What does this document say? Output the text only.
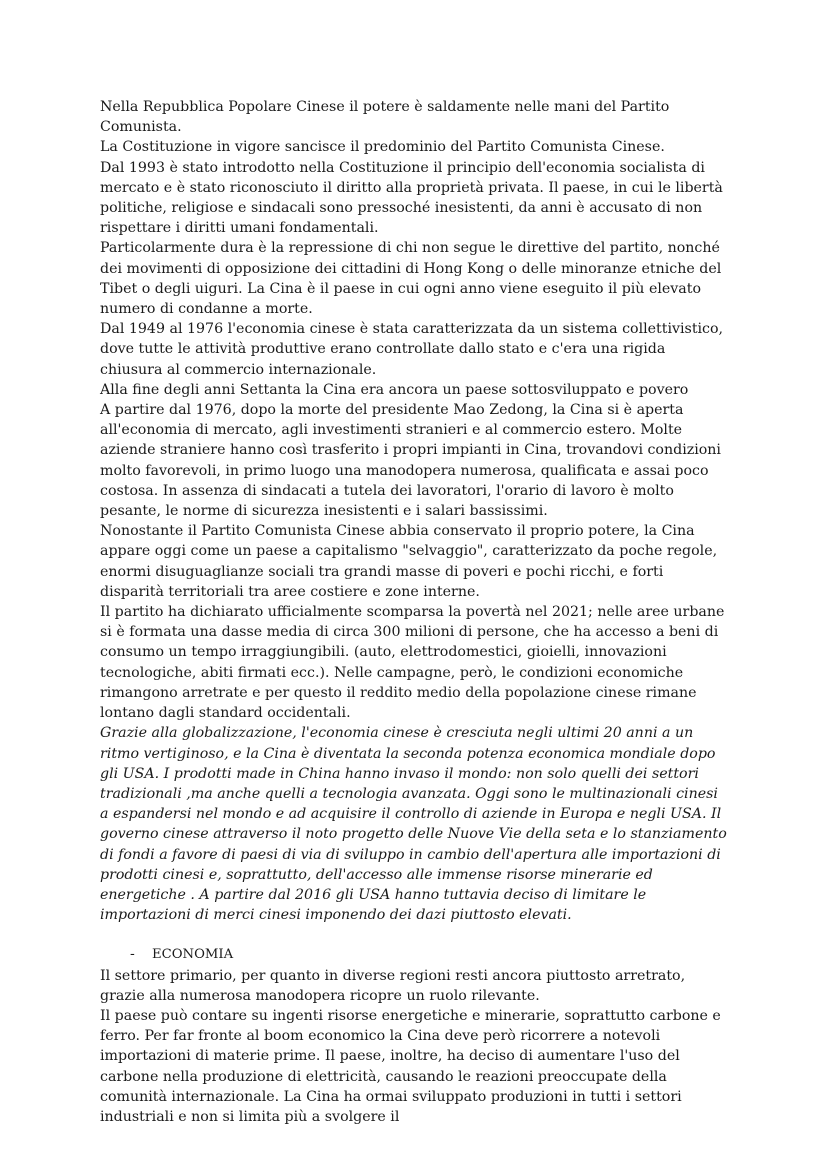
Nella Repubblica Popolare Cinese il potere è saldamente nelle mani del Partito Comunista.

La Costituzione in vigore sancisce il predominio del Partito Comunista Cinese.

Dal 1993 è stato introdotto nella Costituzione il principio dell'economia socialista di mercato e è stato riconosciuto il diritto alla proprietà privata. Il paese, in cui le libertà politiche, religiose e sindacali sono pressoché inesistenti, da anni è accusato di non rispettare i diritti umani fondamentali.

Particolarmente dura è la repressione di chi non segue le direttive del partito, nonché dei movimenti di opposizione dei cittadini di Hong Kong o delle minoranze etniche del Tibet o degli uiguri. La Cina è il paese in cui ogni anno viene eseguito il più elevato numero di condanne a morte.

Dal 1949 al 1976 l'economia cinese è stata caratterizzata da un sistema collettivistico, dove tutte le attività produttive erano controllate dallo stato e c'era una rigida chiusura al commercio internazionale.

Alla fine degli anni Settanta la Cina era ancora un paese sottosviluppato e povero

A partire dal 1976, dopo la morte del presidente Mao Zedong, la Cina si è aperta all'economia di mercato, agli investimenti stranieri e al commercio estero. Molte aziende straniere hanno così trasferito i propri impianti in Cina, trovandovi condizioni molto favorevoli, in primo luogo una manodopera numerosa, qualificata e assai poco costosa. In assenza di sindacati a tutela dei lavoratori, l'orario di lavoro è molto pesante, le norme di sicurezza inesistenti e i salari bassissimi.

Nonostante il Partito Comunista Cinese abbia conservato il proprio potere, la Cina appare oggi come un paese a capitalismo "selvaggio", caratterizzato da poche regole, enormi disuguaglianze sociali tra grandi masse di poveri e pochi ricchi, e forti disparità territoriali tra aree costiere e zone interne.

Il partito ha dichiarato ufficialmente scomparsa la povertà nel 2021; nelle aree urbane si è formata una dasse media di circa 300 milioni di persone, che ha accesso a beni di consumo un tempo irraggiungibili. (auto, elettrodomestici, gioielli, innovazioni tecnologiche, abiti firmati ecc.). Nelle campagne, però, le condizioni economiche rimangono arretrate e per questo il reddito medio della popolazione cinese rimane lontano dagli standard occidentali.

Grazie alla globalizzazione, l'economia cinese è cresciuta negli ultimi 20 anni a un ritmo vertiginoso, e la Cina è diventata la seconda potenza economica mondiale dopo gli USA. I prodotti made in China hanno invaso il mondo: non solo quelli dei settori tradizionali ,ma anche quelli a tecnologia avanzata. Oggi sono le multinazionali cinesi a espandersi nel mondo e ad acquisire il controllo di aziende in Europa e negli USA. Il governo cinese attraverso il noto progetto delle Nuove Vie della seta e lo stanziamento di fondi a favore di paesi di via di sviluppo in cambio dell'apertura alle importazioni di prodotti cinesi e, soprattutto, dell'accesso alle immense risorse minerarie ed energetiche . A partire dal 2016 gli USA hanno tuttavia deciso di limitare le importazioni di merci cinesi imponendo dei dazi piuttosto elevati.

-	ECONOMIA

Il settore primario, per quanto in diverse regioni resti ancora piuttosto arretrato, grazie alla numerosa manodopera ricopre un ruolo rilevante.

Il paese può contare su ingenti risorse energetiche e minerarie, soprattutto carbone e ferro. Per far fronte al boom economico la Cina deve però ricorrere a notevoli importazioni di materie prime. Il paese, inoltre, ha deciso di aumentare l'uso del carbone nella produzione di elettricità, causando le reazioni preoccupate della comunità internazionale. La Cina ha ormai sviluppato produzioni in tutti i settori industriali e non si limita più a svolgere il
